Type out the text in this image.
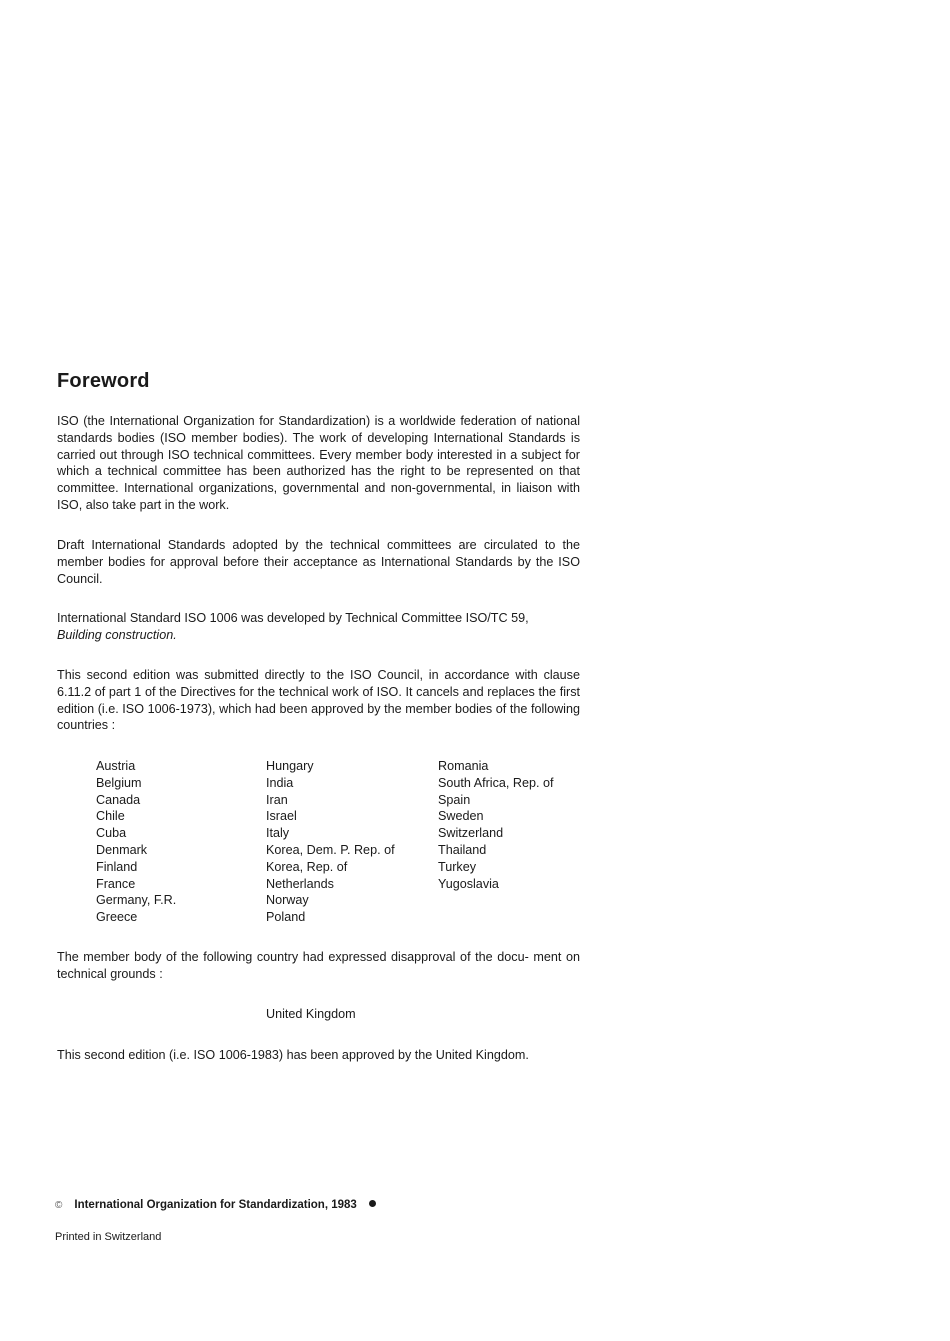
Foreword

ISO (the International Organization for Standardization) is a worldwide federation of national standards bodies (ISO member bodies). The work of developing International Standards is carried out through ISO technical committees. Every member body interested in a subject for which a technical committee has been authorized has the right to be represented on that committee. International organizations, governmental and non-governmental, in liaison with ISO, also take part in the work.

Draft International Standards adopted by the technical committees are circulated to the member bodies for approval before their acceptance as International Standards by the ISO Council.

International Standard ISO 1006 was developed by Technical Committee ISO/TC 59,
Building construction.

This second edition was submitted directly to the ISO Council, in accordance with clause 6.11.2 of part 1 of the Directives for the technical work of ISO. It cancels and replaces the first edition (i.e. ISO 1006-1973), which had been approved by the member bodies of the following countries :

Austria
Belgium
Canada
Chile
Cuba
Denmark
Finland
France
Germany, F.R.
Greece
Hungary
India
Iran
Israel
Italy
Korea, Dem. P. Rep. of
Korea, Rep. of
Netherlands
Norway
Poland
Romania
South Africa, Rep. of
Spain
Sweden
Switzerland
Thailand
Turkey
Yugoslavia

The member body of the following country had expressed disapproval of the docu- ment on technical grounds :

United Kingdom

This second edition (i.e. ISO 1006-1983) has been approved by the United Kingdom.

© International Organization for Standardization, 1983

Printed in Switzerland
